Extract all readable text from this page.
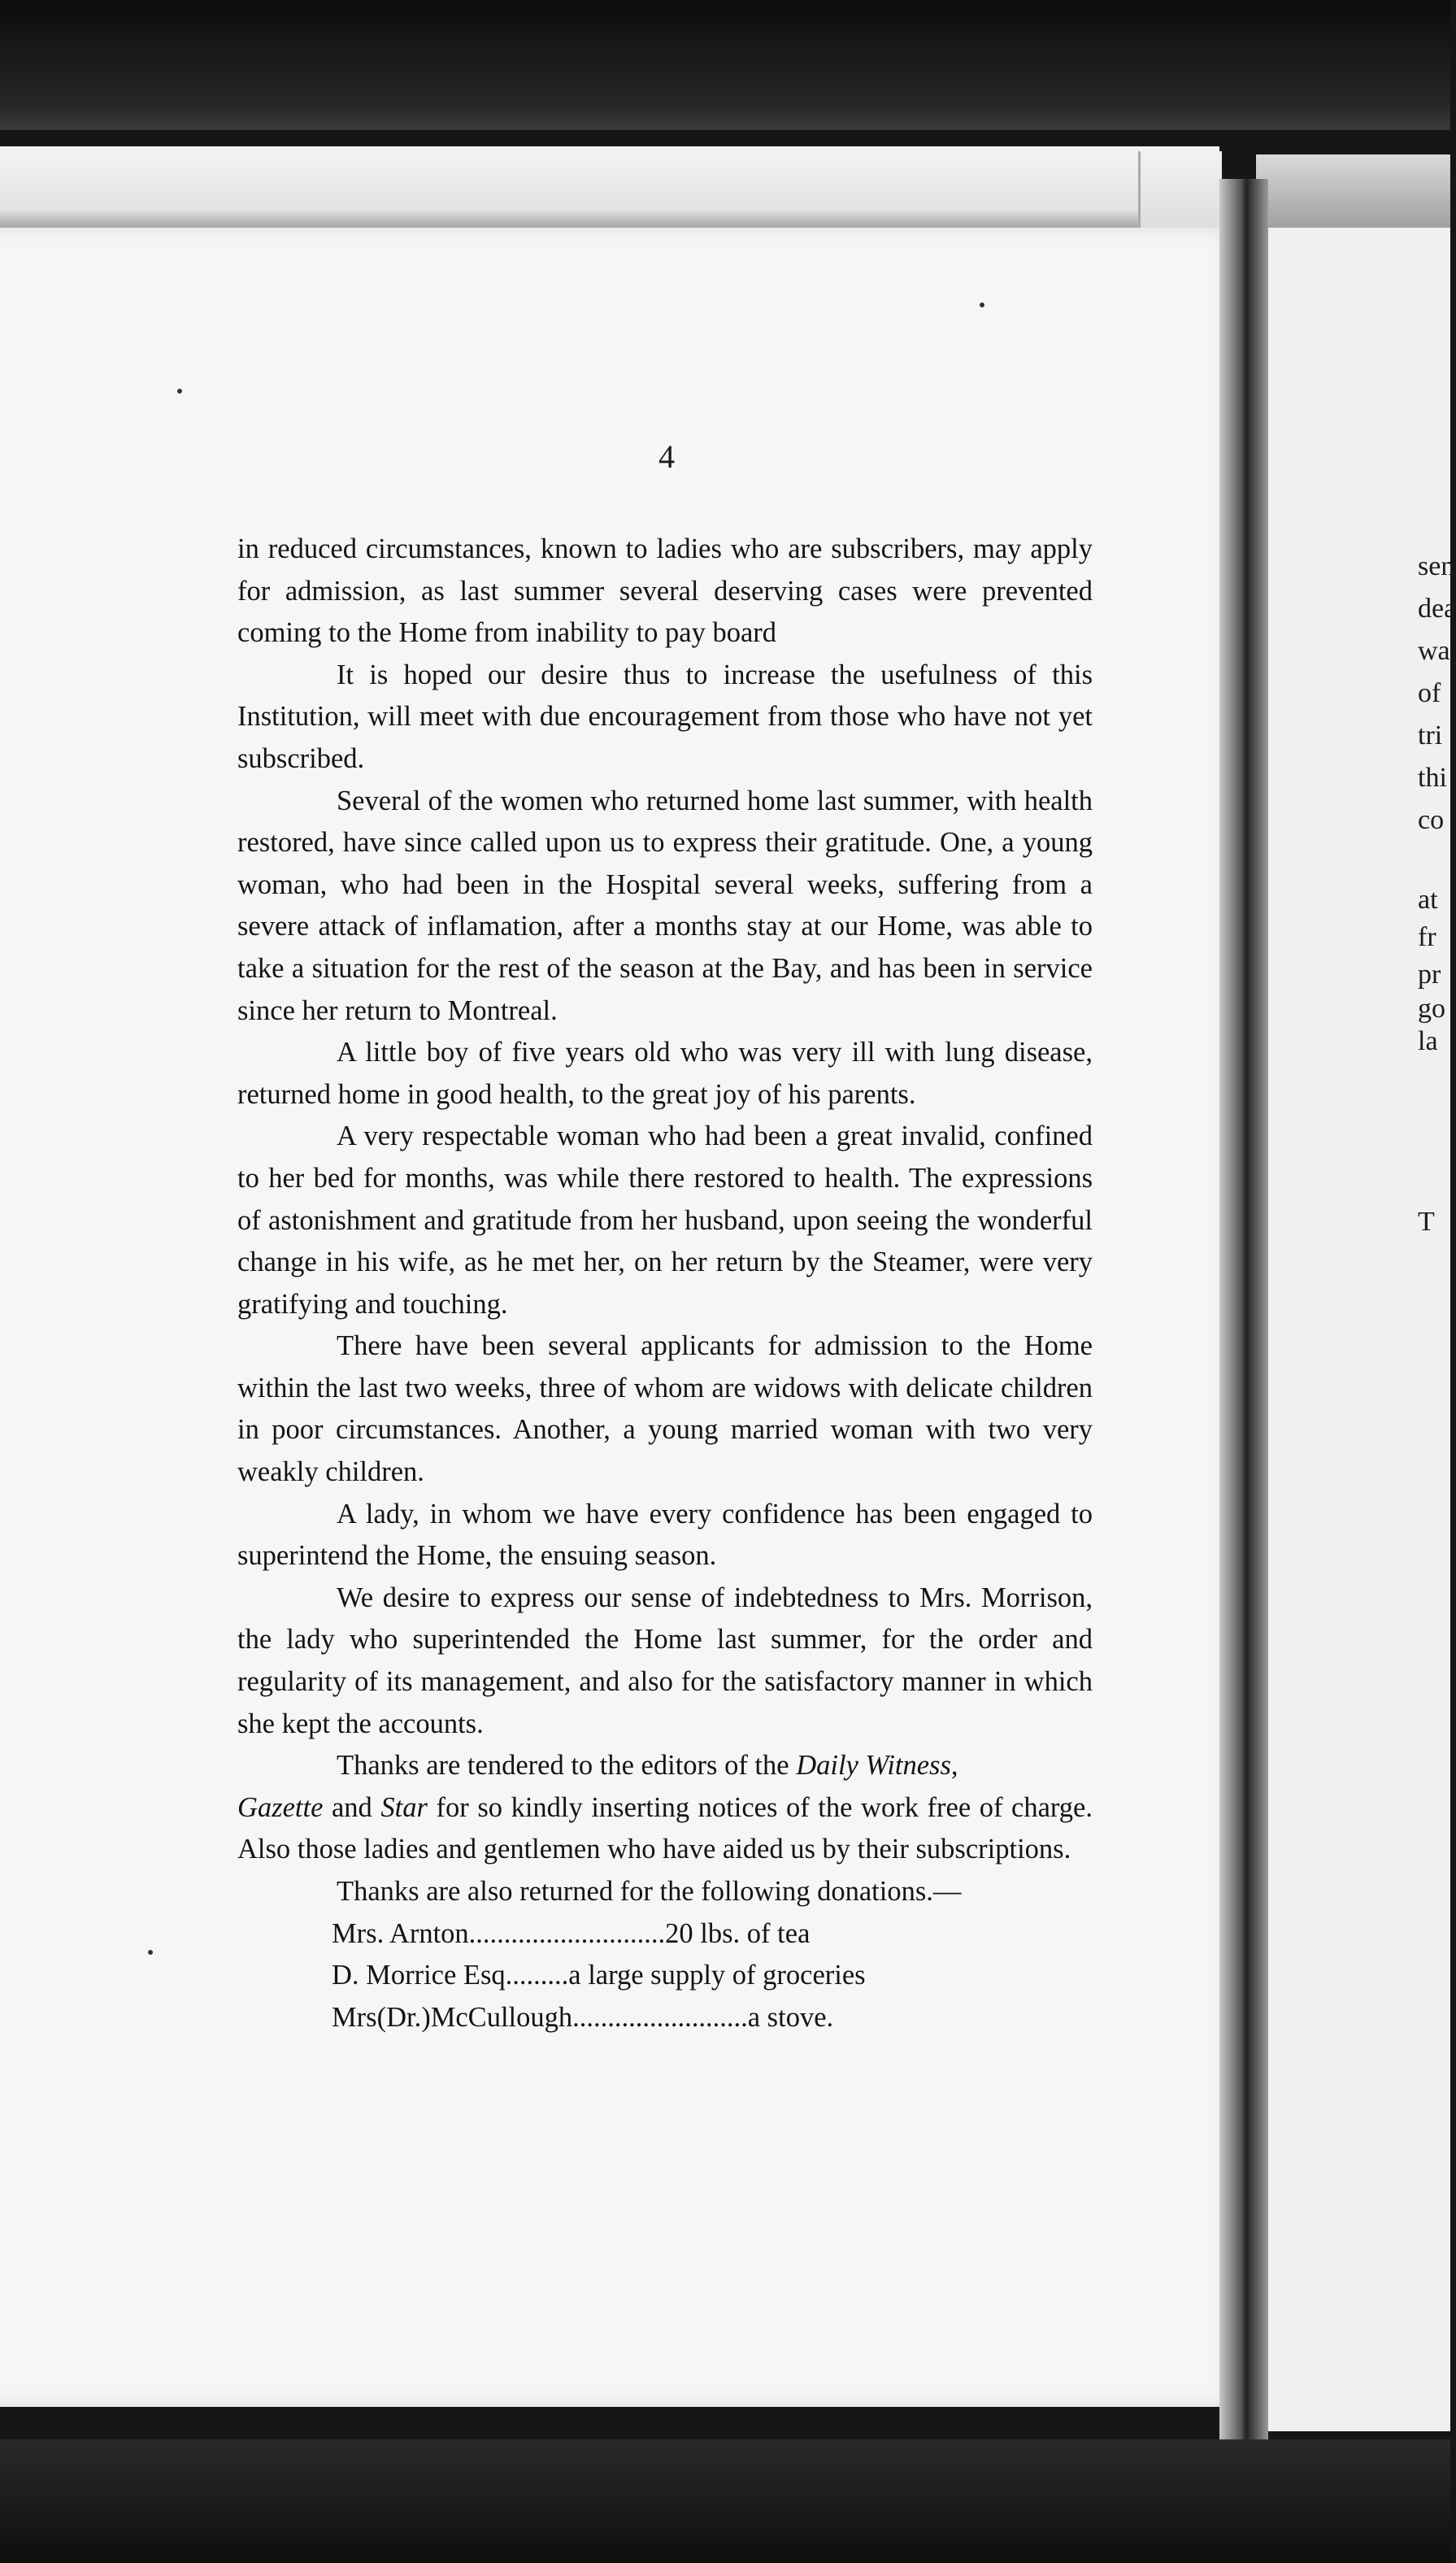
4

in reduced circumstances, known to ladies who are subscribers, may apply for admission, as last summer several deserving cases were prevented coming to the Home from inability to pay board

It is hoped our desire thus to increase the usefulness of this Institution, will meet with due encouragement from those who have not yet subscribed.

Several of the women who returned home last summer, with health restored, have since called upon us to express their gratitude. One, a young woman, who had been in the Hospital several weeks, suffering from a severe attack of inflamation, after a months stay at our Home, was able to take a situation for the rest of the season at the Bay, and has been in service since her return to Montreal.

A little boy of five years old who was very ill with lung disease, returned home in good health, to the great joy of his parents.

A very respectable woman who had been a great invalid, confined to her bed for months, was while there restored to health. The expressions of astonishment and gratitude from her husband, upon seeing the wonderful change in his wife, as he met her, on her return by the Steamer, were very gratifying and touching.

There have been several applicants for admission to the Home within the last two weeks, three of whom are widows with delicate children in poor circumstances. Another, a young married woman with two very weakly children.

A lady, in whom we have every confidence has been engaged to superintend the Home, the ensuing season.

We desire to express our sense of indebtedness to Mrs. Morrison, the lady who superintended the Home last summer, for the order and regularity of its management, and also for the satisfactory manner in which she kept the accounts.

Thanks are tendered to the editors of the Daily Witness,
Gazette and Star for so kindly inserting notices of the work free of charge. Also those ladies and gentlemen who have aided us by their subscriptions.

Thanks are also returned for the following donations.—

Mrs. Arnton............................20 lbs. of tea
D. Morrice Esq.........a large supply of groceries
Mrs(Dr.)McCullough.........................a stove.
sen
dea
wa
of
tri
thi
co
at
fr
pr
go
la
T
